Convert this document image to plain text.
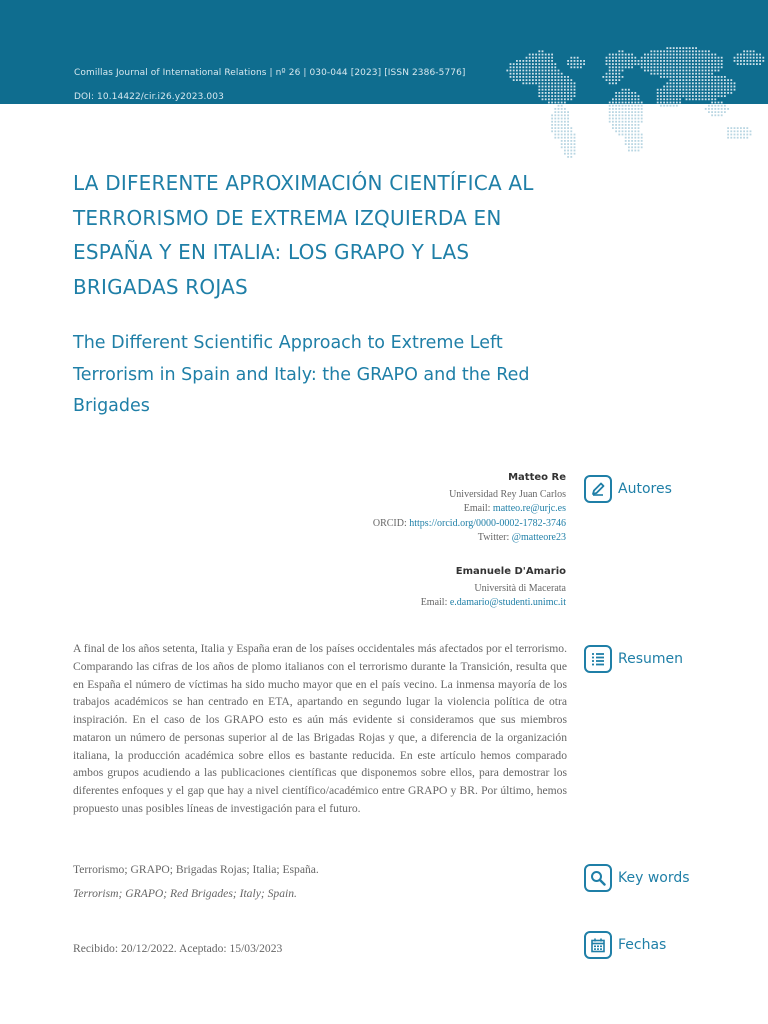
Comillas Journal of International Relations | nº 26 | 030-044 [2023] [ISSN 2386-5776]
DOI: 10.14422/cir.i26.y2023.003
LA DIFERENTE APROXIMACIÓN CIENTÍFICA AL TERRORISMO DE EXTREMA IZQUIERDA EN ESPAÑA Y EN ITALIA: LOS GRAPO Y LAS BRIGADAS ROJAS
The Different Scientific Approach to Extreme Left Terrorism in Spain and Italy: the GRAPO and the Red Brigades
Matteo Re
Universidad Rey Juan Carlos
Email: matteo.re@urjc.es
ORCID: https://orcid.org/0000-0002-1782-3746
Twitter: @matteore23
Emanuele D'Amario
Università di Macerata
Email: e.damario@studenti.unimc.it
Autores
Resumen
Key words
Fechas

A final de los años setenta, Italia y España eran de los países occidentales más afectados por el terrorismo. Comparando las cifras de los años de plomo italianos con el terrorismo durante la Transición, resulta que en España el número de víctimas ha sido mucho mayor que en el país vecino. La inmensa mayoría de los trabajos académicos se han centrado en ETA, apartando en segundo lugar la violencia política de otra inspiración. En el caso de los GRAPO esto es aún más evidente si consideramos que sus miembros mataron un número de personas superior al de las Brigadas Rojas y que, a diferencia de la organización italiana, la producción académica sobre ellos es bastante reducida. En este artículo hemos comparado ambos grupos acudiendo a las publicaciones científicas que disponemos sobre ellos, para demostrar los diferentes enfoques y el gap que hay a nivel científico/académico entre GRAPO y BR. Por último, hemos propuesto unas posibles líneas de investigación para el futuro.

Terrorismo; GRAPO; Brigadas Rojas; Italia; España.

Terrorism; GRAPO; Red Brigades; Italy; Spain.

Recibido: 20/12/2022. Aceptado: 15/03/2023
